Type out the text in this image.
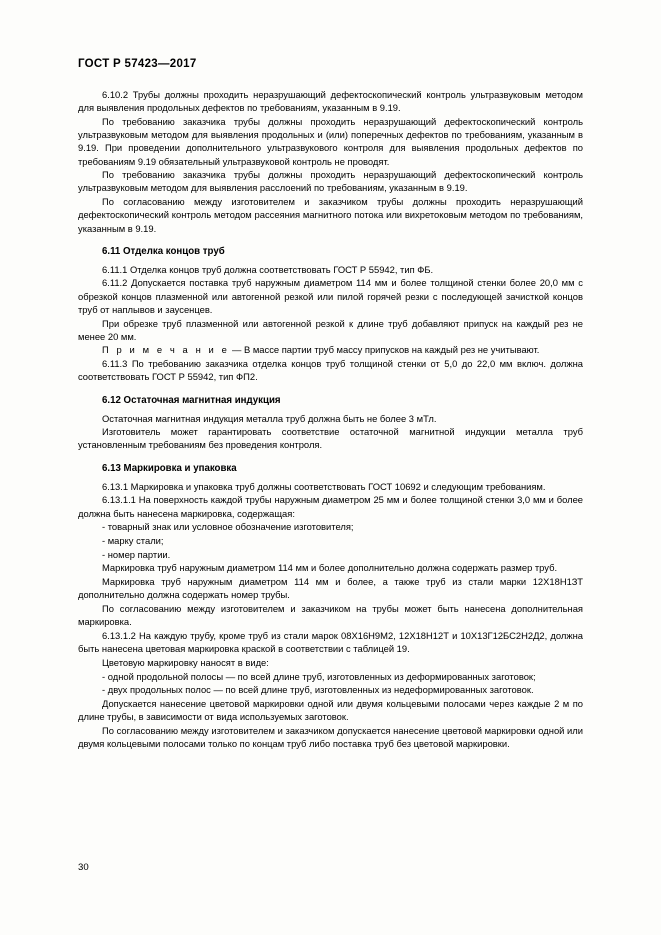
ГОСТ Р 57423—2017

6.10.2 Трубы должны проходить неразрушающий дефектоскопический контроль ультразвуковым методом для выявления продольных дефектов по требованиям, указанным в 9.19.

По требованию заказчика трубы должны проходить неразрушающий дефектоскопический контроль ультразвуковым методом для выявления продольных и (или) поперечных дефектов по требованиям, указанным в 9.19. При проведении дополнительного ультразвукового контроля для выявления продольных дефектов по требованиям 9.19 обязательный ультразвуковой контроль не проводят.

По требованию заказчика трубы должны проходить неразрушающий дефектоскопический контроль ультразвуковым методом для выявления расслоений по требованиям, указанным в 9.19.

По согласованию между изготовителем и заказчиком трубы должны проходить неразрушающий дефектоскопический контроль методом рассеяния магнитного потока или вихретоковым методом по требованиям, указанным в 9.19.

6.11 Отделка концов труб

6.11.1 Отделка концов труб должна соответствовать ГОСТ Р 55942, тип ФБ.

6.11.2 Допускается поставка труб наружным диаметром 114 мм и более толщиной стенки более 20,0 мм с обрезкой концов плазменной или автогенной резкой или пилой горячей резки с последующей зачисткой концов труб от наплывов и заусенцев.

При обрезке труб плазменной или автогенной резкой к длине труб добавляют припуск на каждый рез не менее 20 мм.

П р и м е ч а н и е — В массе партии труб массу припусков на каждый рез не учитывают.

6.11.3 По требованию заказчика отделка концов труб толщиной стенки от 5,0 до 22,0 мм включ. должна соответствовать ГОСТ Р 55942, тип ФП2.

6.12 Остаточная магнитная индукция

Остаточная магнитная индукция металла труб должна быть не более 3 мТл.

Изготовитель может гарантировать соответствие остаточной магнитной индукции металла труб установленным требованиям без проведения контроля.

6.13 Маркировка и упаковка

6.13.1 Маркировка и упаковка труб должны соответствовать ГОСТ 10692 и следующим требованиям.

6.13.1.1 На поверхность каждой трубы наружным диаметром 25 мм и более толщиной стенки 3,0 мм и более должна быть нанесена маркировка, содержащая:

- товарный знак или условное обозначение изготовителя;

- марку стали;

- номер партии.

Маркировка труб наружным диаметром 114 мм и более дополнительно должна содержать размер труб.

Маркировка труб наружным диаметром 114 мм и более, а также труб из стали марки 12Х18Н1ЗТ дополнительно должна содержать номер трубы.

По согласованию между изготовителем и заказчиком на трубы может быть нанесена дополнительная маркировка.

6.13.1.2 На каждую трубу, кроме труб из стали марок 08Х16Н9М2, 12Х18Н12Т и 10Х13Г12БС2Н2Д2, должна быть нанесена цветовая маркировка краской в соответствии с таблицей 19.

Цветовую маркировку наносят в виде:

- одной продольной полосы — по всей длине труб, изготовленных из деформированных заготовок;

- двух продольных полос — по всей длине труб, изготовленных из недеформированных заготовок.

Допускается нанесение цветовой маркировки одной или двумя кольцевыми полосами через каждые 2 м по длине трубы, в зависимости от вида используемых заготовок.

По согласованию между изготовителем и заказчиком допускается нанесение цветовой маркировки одной или двумя кольцевыми полосами только по концам труб либо поставка труб без цветовой маркировки.

30
